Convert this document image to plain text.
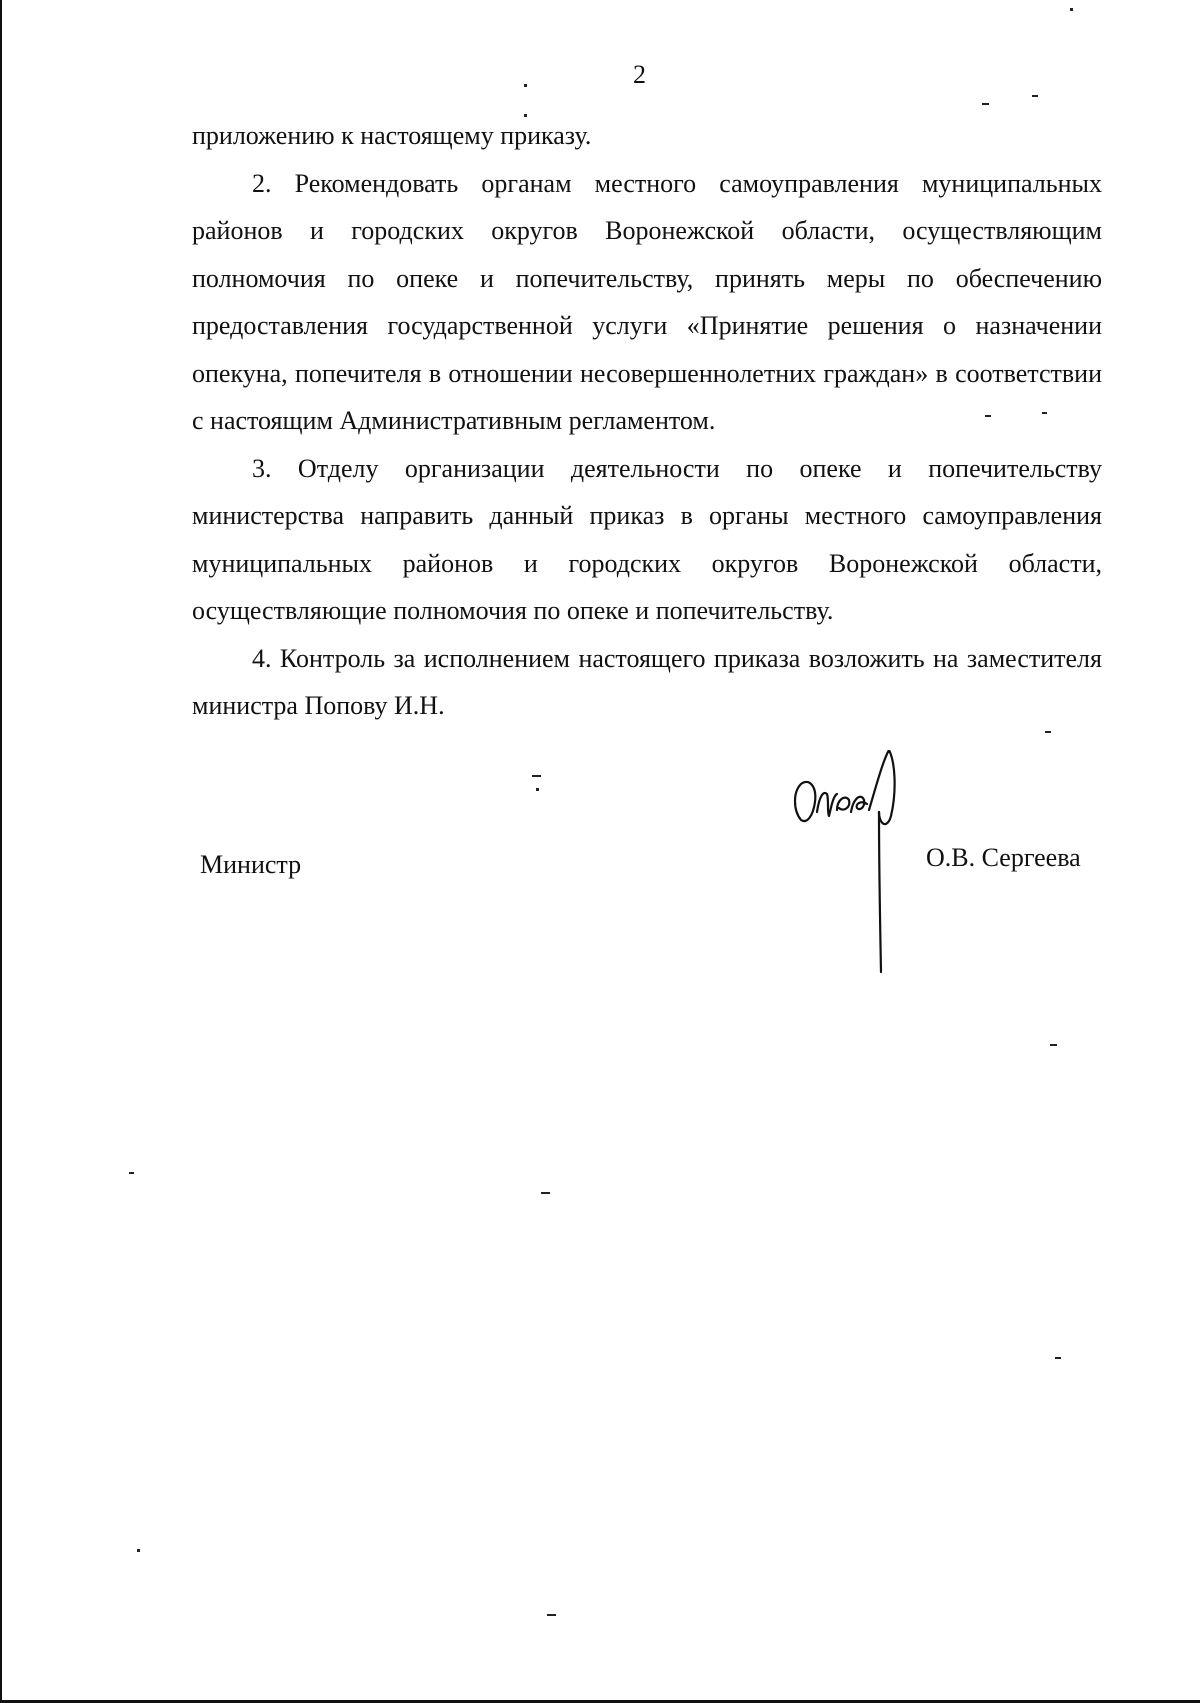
2

приложению к настоящему приказу.

2. Рекомендовать органам местного самоуправления муниципальных районов и городских округов Воронежской области, осуществляющим полномочия по опеке и попечительству, принять меры по обеспечению предоставления государственной услуги «Принятие решения о назначении опекуна, попечителя в отношении несовершеннолетних граждан» в соответствии с настоящим Административным регламентом.

3. Отделу организации деятельности по опеке и попечительству министерства направить данный приказ в органы местного самоуправления муниципальных районов и городских округов Воронежской области, осуществляющие полномочия по опеке и попечительству.

4. Контроль за исполнением настоящего приказа возложить на заместителя министра Попову И.Н.

Министр	О.В. Сергеева
